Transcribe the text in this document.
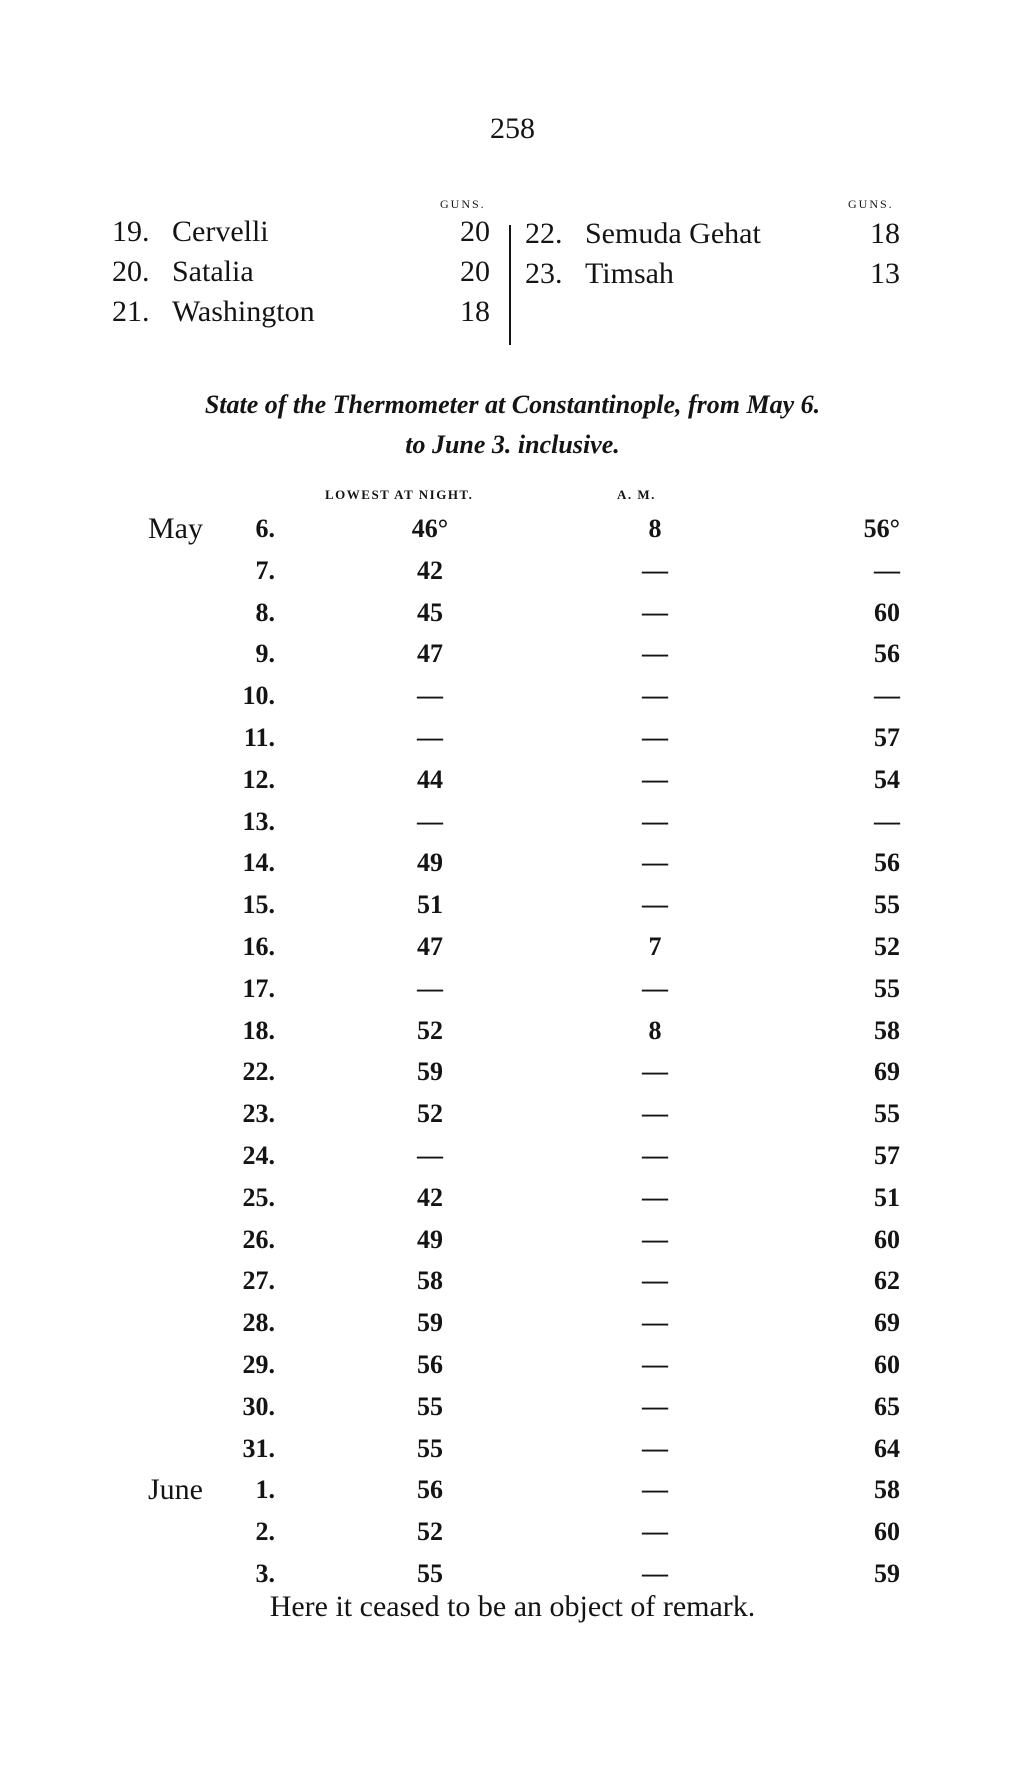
258
GUNS.	GUNS.
19. Cervelli	20
20. Satalia	20
21. Washington	18
22. Semuda Gehat	18
23. Timsah	13
State of the Thermometer at Constantinople, from May 6.
to June 3. inclusive.
LOWEST AT NIGHT.	A. M.
May	6.	46°	8	56°
7.	42	—	—
8.	45	—	60
9.	47	—	56
10.	—	—	—
11.	—	—	57
12.	44	—	54
13.	—	—	—
14.	49	—	56
15.	51	—	55
16.	47	7	52
17.	—	—	55
18.	52	8	58
22.	59	—	69
23.	52	—	55
24.	—	—	57
25.	42	—	51
26.	49	—	60
27.	58	—	62
28.	59	—	69
29.	56	—	60
30.	55	—	65
31.	55	—	64
June	1.	56	—	58
2.	52	—	60
3.	55	—	59
Here it ceased to be an object of remark.
